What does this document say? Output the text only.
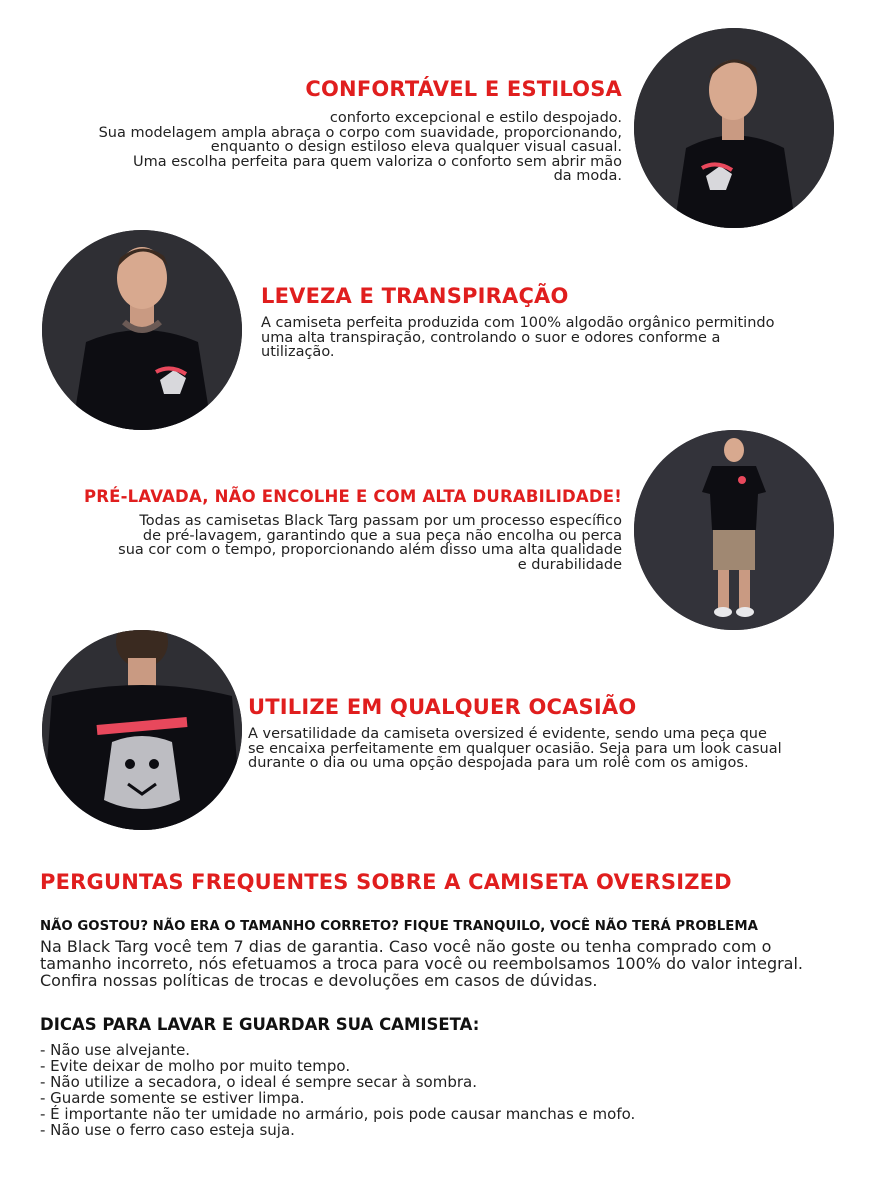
CONFORTÁVEL E ESTILOSA
conforto excepcional e estilo despojado.
Sua modelagem ampla abraça o corpo com suavidade, proporcionando,
enquanto o design estiloso eleva qualquer visual casual.
Uma escolha perfeita para quem valoriza o conforto sem abrir mão
da moda.
LEVEZA E TRANSPIRAÇÃO
A camiseta perfeita produzida com 100% algodão orgânico permitindo
uma alta transpiração, controlando o suor e odores conforme a
utilização.
PRÉ-LAVADA, NÃO ENCOLHE E COM ALTA DURABILIDADE!
Todas as camisetas Black Targ passam por um processo específico
de pré-lavagem, garantindo que a sua peça não encolha ou perca
sua cor com o tempo, proporcionando além disso uma alta qualidade
e durabilidade
UTILIZE EM QUALQUER OCASIÃO
A versatilidade da camiseta oversized é evidente, sendo uma peça que
se encaixa perfeitamente em qualquer ocasião. Seja para um look casual
durante o dia ou uma opção despojada para um rolê com os amigos.
PERGUNTAS FREQUENTES SOBRE A CAMISETA OVERSIZED
NÃO GOSTOU? NÃO ERA O TAMANHO CORRETO? FIQUE TRANQUILO, VOCÊ NÃO TERÁ PROBLEMA
Na Black Targ você tem 7 dias de garantia. Caso você não goste ou tenha comprado com o tamanho incorreto, nós efetuamos a troca para você ou reembolsamos 100% do valor integral. Confira nossas políticas de trocas e devoluções em casos de dúvidas.
DICAS PARA LAVAR E GUARDAR SUA CAMISETA:
- Não use alvejante.
- Evite deixar de molho por muito tempo.
- Não utilize a secadora, o ideal é sempre secar à sombra.
- Guarde somente se estiver limpa.
- É importante não ter umidade no armário, pois pode causar manchas e mofo.
- Não use o ferro caso esteja suja.
